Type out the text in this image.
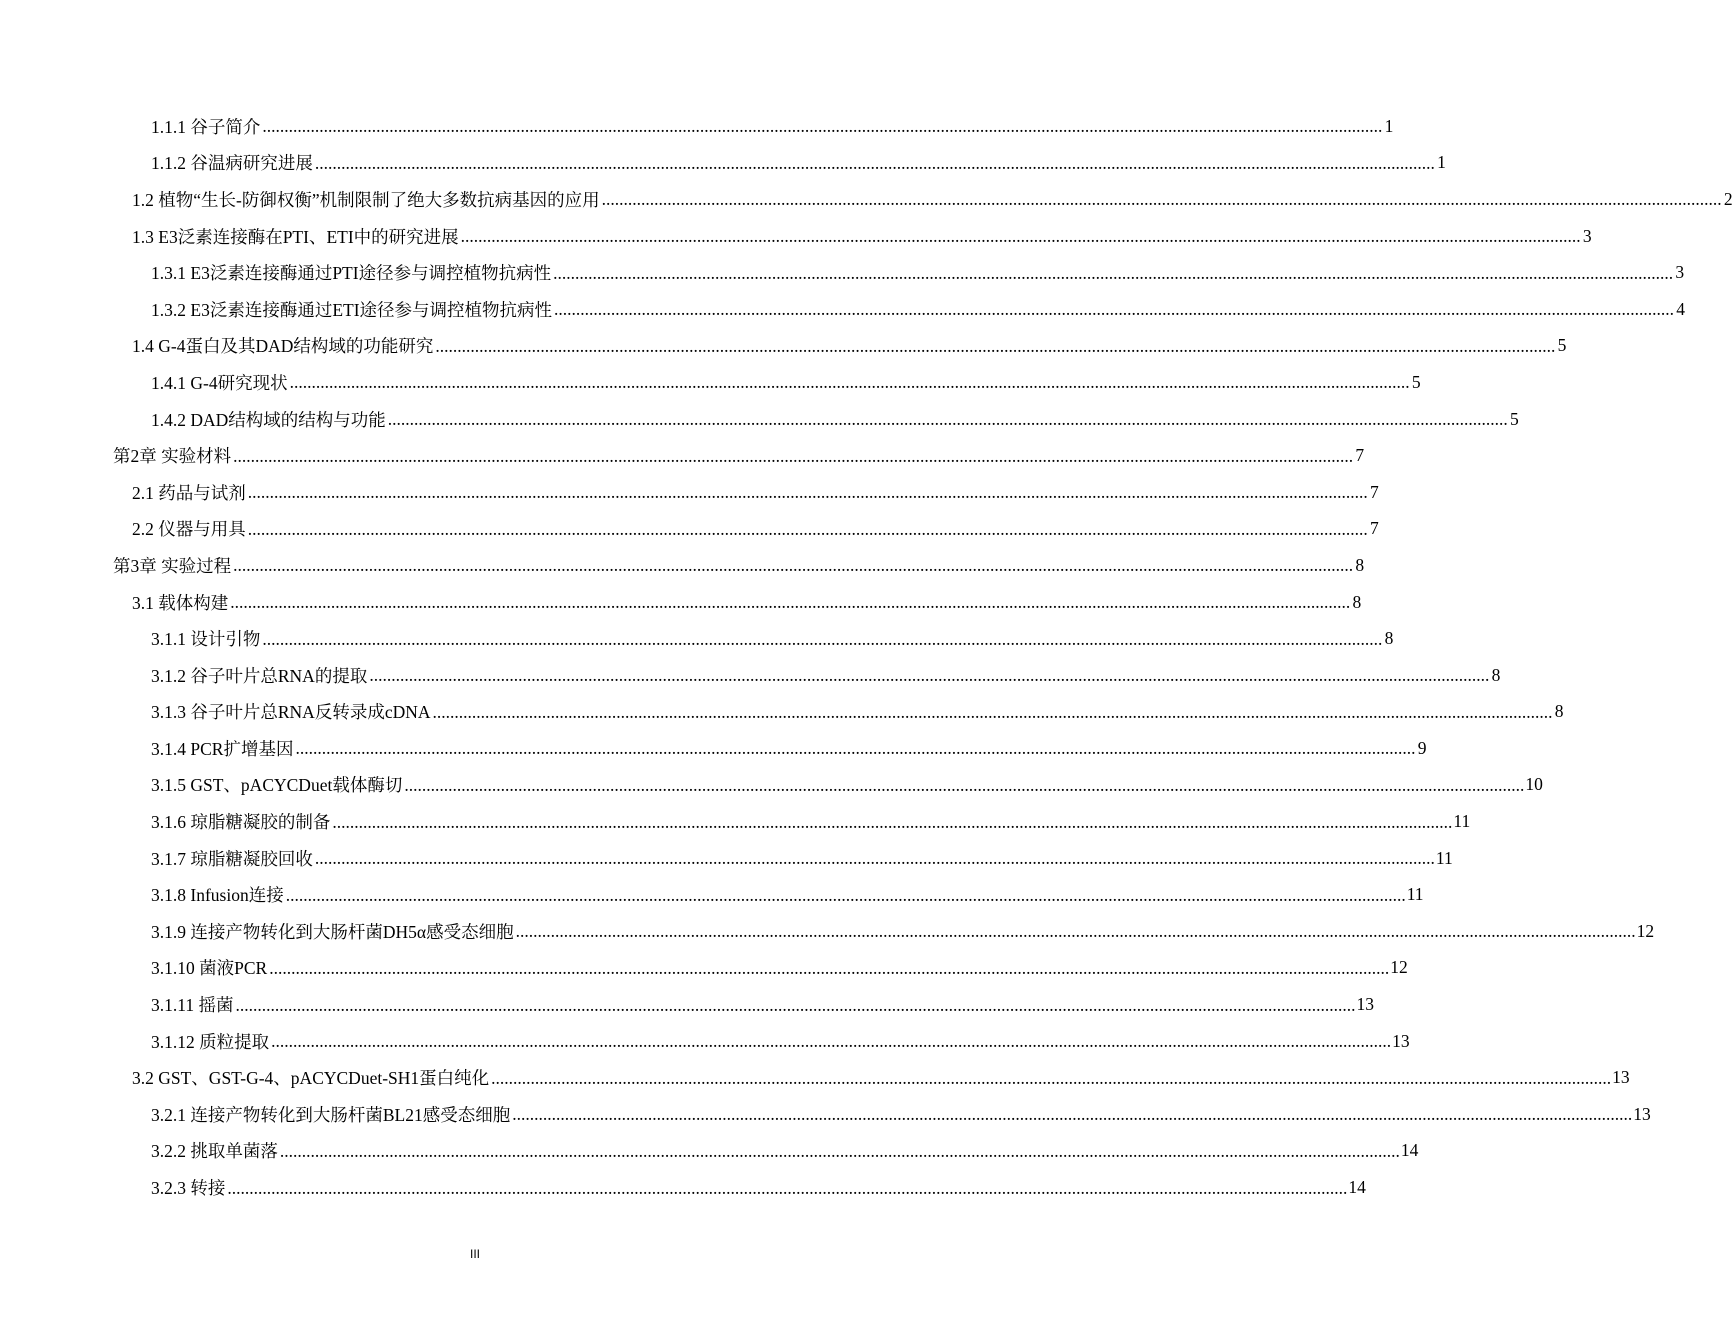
1.1.1 谷子简介 .....	1
1.1.2 谷温病研究进展 .....	1
1.2 植物“生长-防御权衡”机制限制了绝大多数抗病基因的应用 .....	2
1.3 E3泛素连接酶在PTI、ETI中的研究进展 .....	3
1.3.1 E3泛素连接酶通过PTI途径参与调控植物抗病性 .....	3
1.3.2 E3泛素连接酶通过ETI途径参与调控植物抗病性 .....	4
1.4 G-4蛋白及其DAD结构域的功能研究 .....	5
1.4.1 G-4研究现状 .....	5
1.4.2 DAD结构域的结构与功能 .....	5
第2章 实验材料 .....	7
2.1 药品与试剂 .....	7
2.2 仪器与用具 .....	7
第3章 实验过程 .....	8
3.1 载体构建 .....	8
3.1.1 设计引物 .....	8
3.1.2 谷子叶片总RNA的提取 .....	8
3.1.3 谷子叶片总RNA反转录成cDNA .....	8
3.1.4 PCR扩增基因 .....	9
3.1.5 GST、pACYCDuet载体酶切 .....	10
3.1.6 琼脂糖凝胶的制备 .....	11
3.1.7 琼脂糖凝胶回收 .....	11
3.1.8 Infusion连接 .....	11
3.1.9 连接产物转化到大肠杆菌DH5α感受态细胞 .....	12
3.1.10 菌液PCR .....	12
3.1.11 摇菌 .....	13
3.1.12 质粒提取 .....	13
3.2 GST、GST-G-4、pACYCDuet-SH1蛋白纯化 .....	13
3.2.1 连接产物转化到大肠杆菌BL21感受态细胞 .....	13
3.2.2 挑取单菌落 .....	14
3.2.3 转接 .....	14
III
